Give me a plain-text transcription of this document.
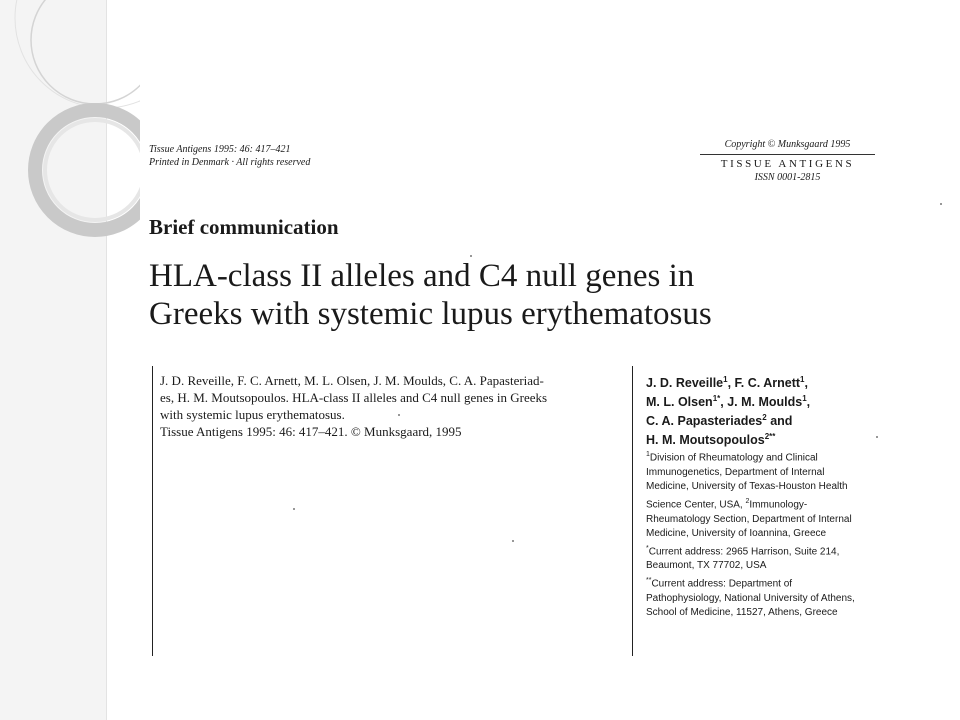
Tissue Antigens 1995: 46: 417–421
Printed in Denmark · All rights reserved
Copyright © Munksgaard 1995
TISSUE ANTIGENS
ISSN 0001-2815
Brief communication
HLA-class II alleles and C4 null genes in
Greeks with systemic lupus erythematosus
J. D. Reveille, F. C. Arnett, M. L. Olsen, J. M. Moulds, C. A. Papasteriad-
es, H. M. Moutsopoulos. HLA-class II alleles and C4 null genes in Greeks
with systemic lupus erythematosus.
Tissue Antigens 1995: 46: 417–421. © Munksgaard, 1995
J. D. Reveille$^1$, F. C. Arnett$^1$,
M. L. Olsen$^{1*}$, J. M. Moulds$^1$,
C. A. Papasteriades$^2$ and
H. M. Moutsopoulos$^{2**}$
$^1$Division of Rheumatology and Clinical
Immunogenetics, Department of Internal
Medicine, University of Texas-Houston Health
Science Center, USA, $^2$Immunology-
Rheumatology Section, Department of Internal
Medicine, University of Ioannina, Greece
*Current address: 2965 Harrison, Suite 214,
Beaumont, TX 77702, USA
**Current address: Department of
Pathophysiology, National University of Athens,
School of Medicine, 11527, Athens, Greece
